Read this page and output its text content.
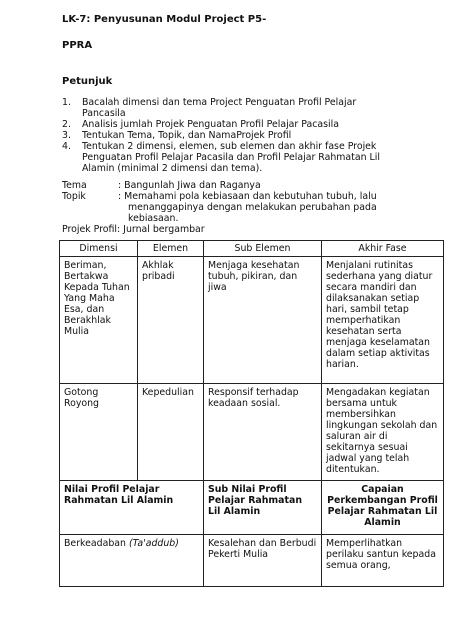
LK-7: Penyusunan Modul Project P5-
PPRA
Petunjuk
1. Bacalah dimensi dan tema Project Penguatan Profil Pelajar
Pancasila
2. Analisis jumlah Projek Penguatan Profil Pelajar Pacasila
3. Tentukan Tema, Topik, dan NamaProjek Profil
4. Tentukan 2 dimensi, elemen, sub elemen dan akhir fase Projek
Penguatan Profil Pelajar Pacasila dan Profil Pelajar Rahmatan Lil
Alamin (minimal 2 dimensi dan tema).
Tema	: Bangunlah Jiwa dan Raganya
Topik	: Memahami pola kebiasaan dan kebutuhan tubuh, lalu
menanggapinya dengan melakukan perubahan pada
kebiasaan.
Projek Profil: Jurnal bergambar
Dimensi	Elemen	Sub Elemen	Akhir Fase
Beriman, Bertakwa Kepada Tuhan Yang Maha Esa, dan Berakhlak Mulia	Akhlak pribadi	Menjaga kesehatan tubuh, pikiran, dan jiwa	Menjalani rutinitas sederhana yang diatur secara mandiri dan dilaksanakan setiap hari, sambil tetap memperhatikan kesehatan serta menjaga keselamatan dalam setiap aktivitas harian.
Gotong Royong	Kepedulian	Responsif terhadap keadaan sosial.	Mengadakan kegiatan bersama untuk membersihkan lingkungan sekolah dan saluran air di sekitarnya sesuai jadwal yang telah ditentukan.
Nilai Profil Pelajar Rahmatan Lil Alamin		Sub Nilai Profil Pelajar Rahmatan Lil Alamin	Capaian Perkembangan Profil Pelajar Rahmatan Lil Alamin
Berkeadaban (Ta'addub)		Kesalehan dan Berbudi Pekerti Mulia	Memperlihatkan perilaku santun kepada semua orang,
